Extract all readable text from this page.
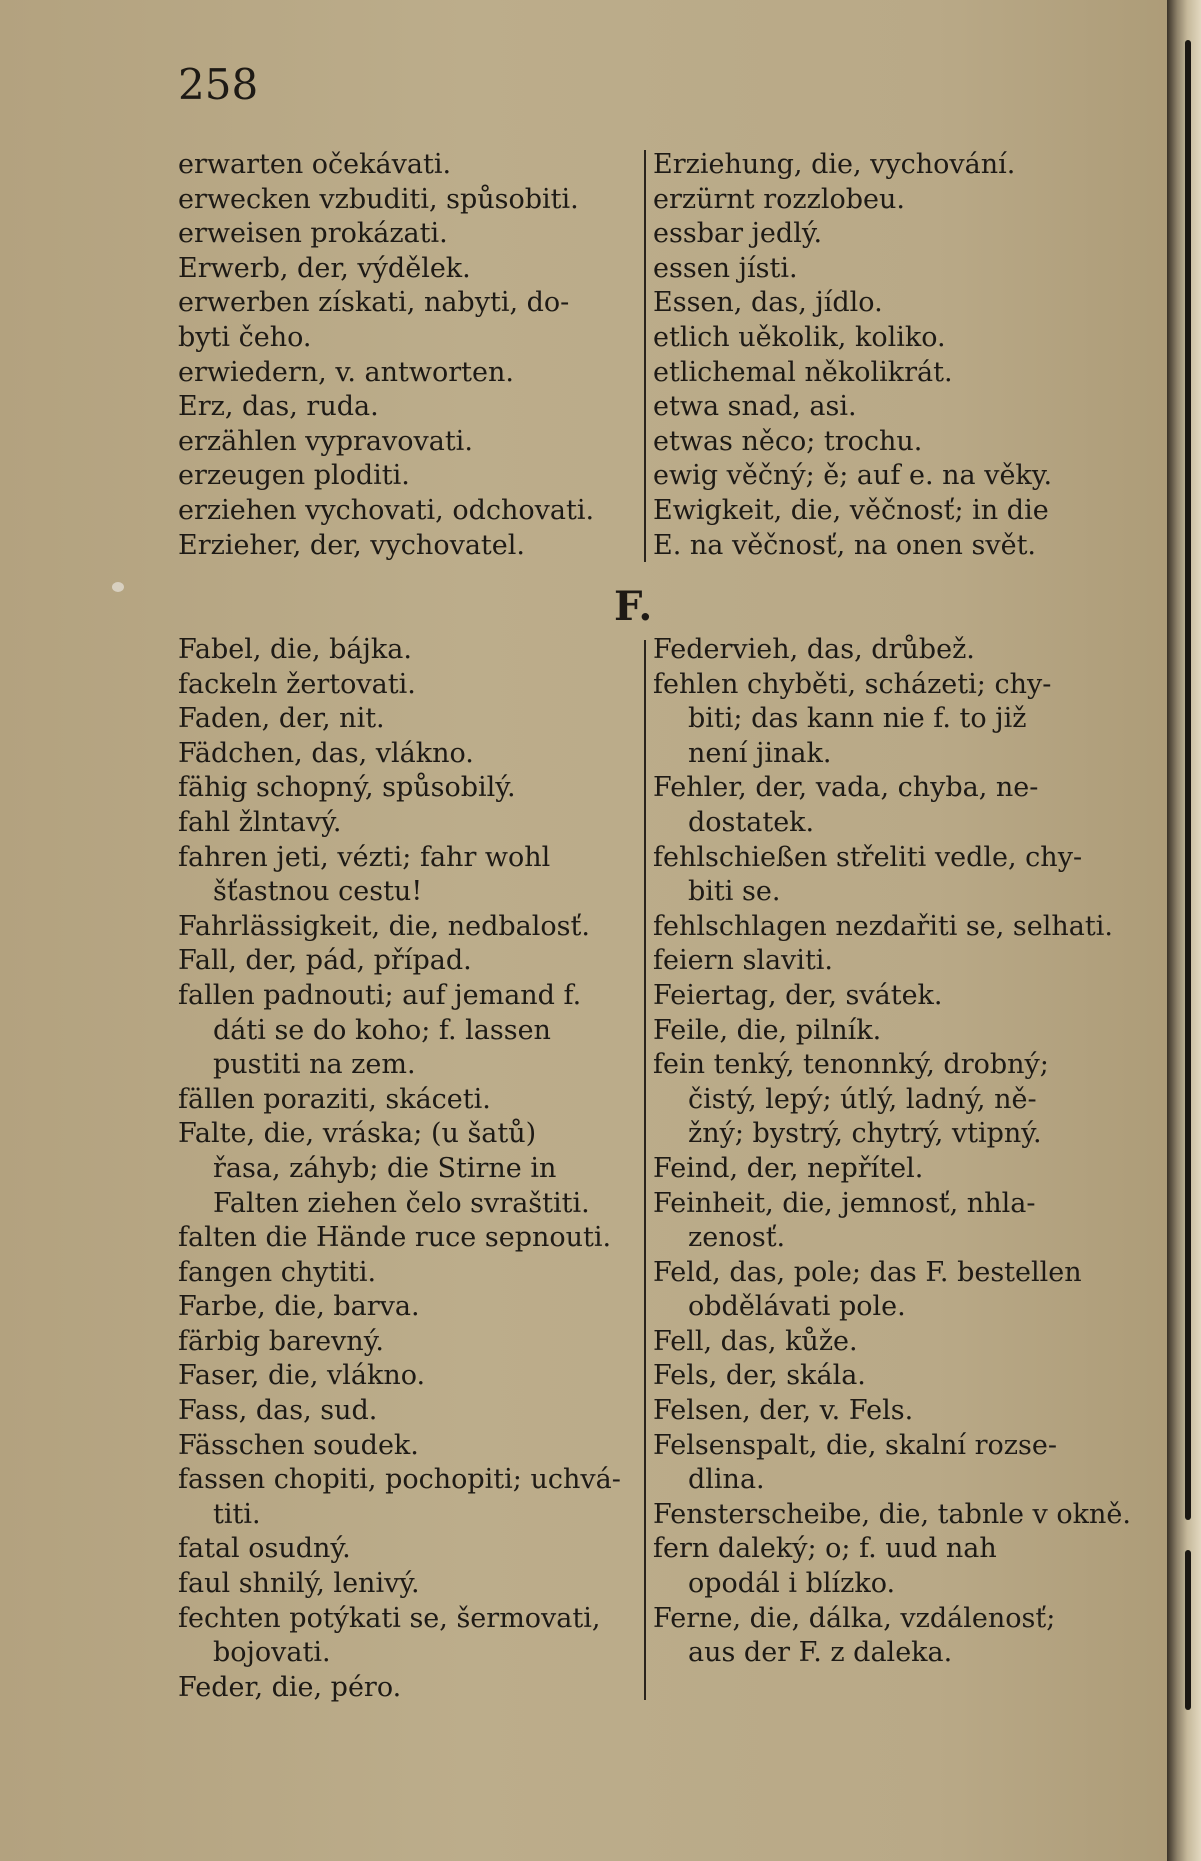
258
erwarten očekávati.
erwecken vzbuditi, spůsobiti.
erweisen prokázati.
Erwerb, der, výdělek.
erwerben získati, nabyti, do-
byti čeho.
erwiedern, v. antworten.
Erz, das, ruda.
erzählen vypravovati.
erzeugen ploditi.
erziehen vychovati, odchovati.
Erzieher, der, vychovatel.
Erziehung, die, vychování.
erzürnt rozzlobeu.
essbar jedlý.
essen jísti.
Essen, das, jídlo.
etlich uěkolik, koliko.
etlichemal několikrát.
etwa snad, asi.
etwas něco; trochu.
ewig věčný; ě; auf e. na věky.
Ewigkeit, die, věčnosť; in die
E. na věčnosť, na onen svět.
F.
Fabel, die, bájka.
fackeln žertovati.
Faden, der, nit.
Fädchen, das, vlákno.
fähig schopný, spůsobilý.
fahl žlntavý.
fahren jeti, vézti; fahr wohl
šťastnou cestu!
Fahrlässigkeit, die, nedbalosť.
Fall, der, pád, případ.
fallen padnouti; auf jemand f.
dáti se do koho; f. lassen
pustiti na zem.
fällen poraziti, skáceti.
Falte, die, vráska; (u šatů)
řasa, záhyb; die Stirne in
Falten ziehen čelo svraštiti.
falten die Hände ruce sepnouti.
fangen chytiti.
Farbe, die, barva.
färbig barevný.
Faser, die, vlákno.
Fass, das, sud.
Fässchen soudek.
fassen chopiti, pochopiti; uchvá-
titi.
fatal osudný.
faul shnilý, lenivý.
fechten potýkati se, šermovati,
bojovati.
Feder, die, péro.
Federvieh, das, drůbež.
fehlen chyběti, scházeti; chy-
biti; das kann nie f. to již
není jinak.
Fehler, der, vada, chyba, ne-
dostatek.
fehlschießen střeliti vedle, chy-
biti se.
fehlschlagen nezdařiti se, selhati.
feiern slaviti.
Feiertag, der, svátek.
Feile, die, pilník.
fein tenký, tenonnký, drobný;
čistý, lepý; útlý, ladný, ně-
žný; bystrý, chytrý, vtipný.
Feind, der, nepřítel.
Feinheit, die, jemnosť, nhla-
zenosť.
Feld, das, pole; das F. bestellen
obdělávati pole.
Fell, das, kůže.
Fels, der, skála.
Felsen, der, v. Fels.
Felsenspalt, die, skalní rozse-
dlina.
Fensterscheibe, die, tabnle v okně.
fern daleký; o; f. uud nah
opodál i blízko.
Ferne, die, dálka, vzdálenosť;
aus der F. z daleka.
